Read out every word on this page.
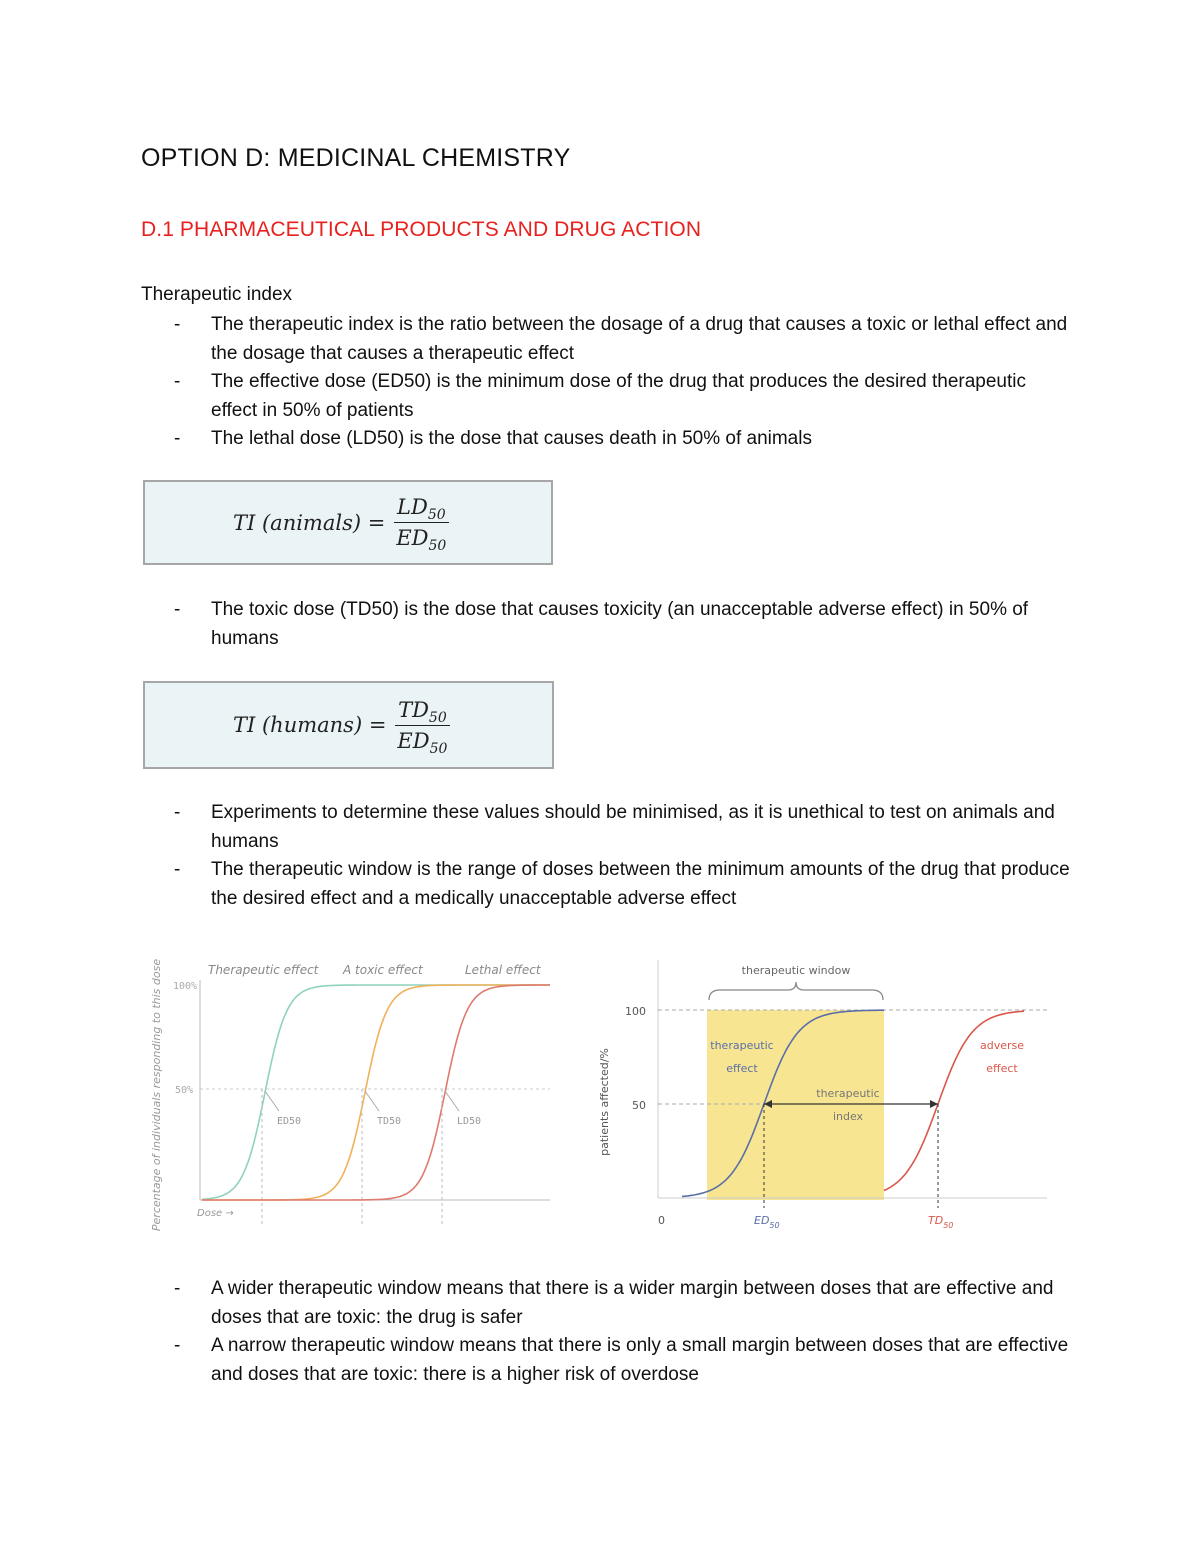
OPTION D: MEDICINAL CHEMISTRY
D.1 PHARMACEUTICAL PRODUCTS AND DRUG ACTION
Therapeutic index
- The therapeutic index is the ratio between the dosage of a drug that causes a toxic or lethal effect and the dosage that causes a therapeutic effect
- The effective dose (ED50) is the minimum dose of the drug that produces the desired therapeutic effect in 50% of patients
- The lethal dose (LD50) is the dose that causes death in 50% of animals
TI (animals) = $\frac{LD_{50}}{ED_{50}}$
- The toxic dose (TD50) is the dose that causes toxicity (an unacceptable adverse effect) in 50% of humans
TI (humans) = $\frac{TD_{50}}{ED_{50}}$
- Experiments to determine these values should be minimised, as it is unethical to test on animals and humans
- The therapeutic window is the range of doses between the minimum amounts of the drug that produce the desired effect and a medically unacceptable adverse effect
Percentage of individuals responding to this dose 100%
50%
Dose →
Therapeutic effect
ED50
A toxic effect
TD50
Lethal effect
LD50
100
50
0
patients affected/%
therapeutic window
therapeutic
effect
$ED_{50}$
adverse
effect
$TD_{50}$
therapeutic
index
- A wider therapeutic window means that there is a wider margin between doses that are effective and doses that are toxic: the drug is safer
- A narrow therapeutic window means that there is only a small margin between doses that are effective and doses that are toxic: there is a higher risk of overdose
